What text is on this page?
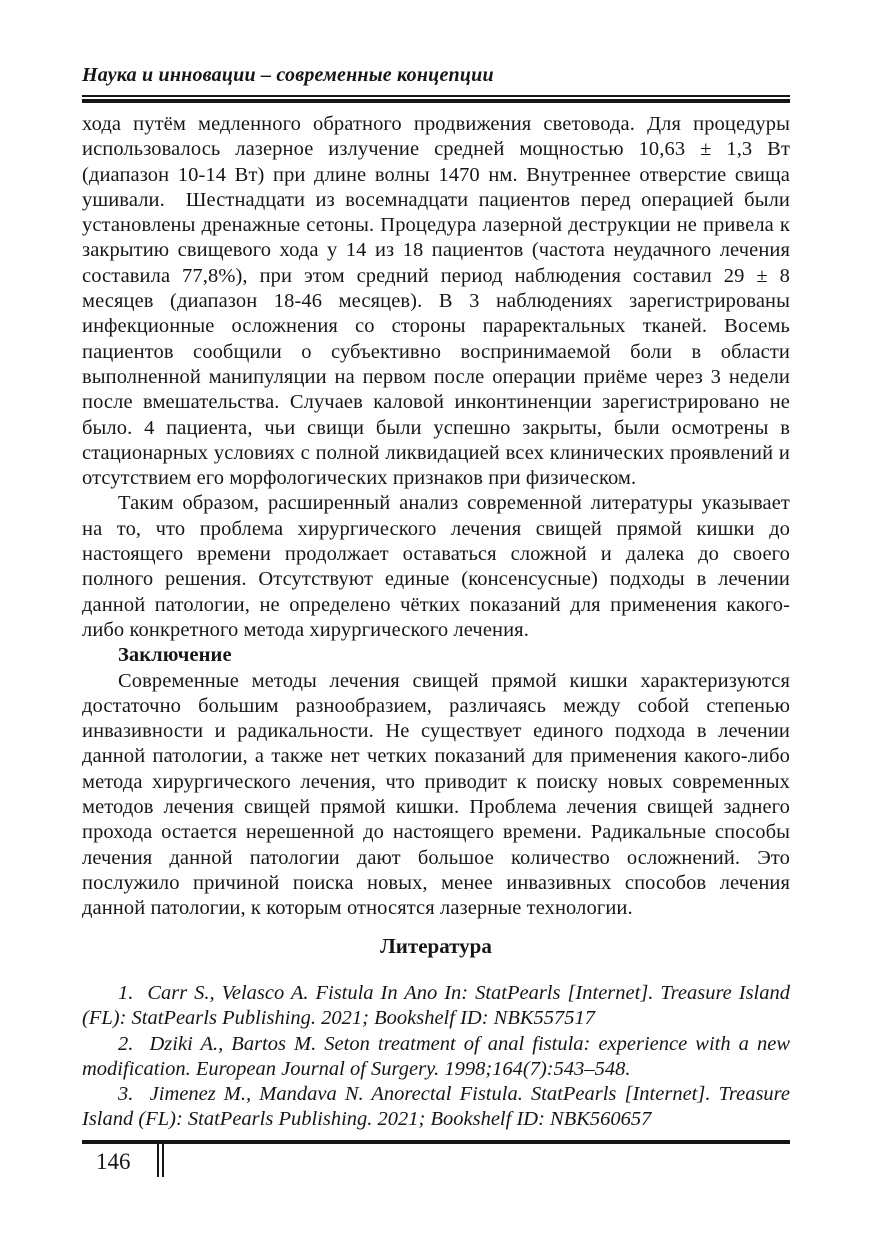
Наука и инновации – современные концепции

хода путём медленного обратного продвижения световода. Для процедуры использовалось лазерное излучение средней мощностью 10,63 ± 1,3 Вт (диапазон 10-14 Вт) при длине волны 1470 нм. Внутреннее отверстие свища ушивали.  Шестнадцати из восемнадцати пациентов перед операцией были установлены дренажные сетоны. Процедура лазерной деструкции не привела к закрытию свищевого хода у 14 из 18 пациентов (частота неудачного лечения составила 77,8%), при этом средний период наблюдения составил 29 ± 8 месяцев (диапазон 18-46 месяцев). В 3 наблюдениях зарегистрированы инфекционные осложнения со стороны параректальных тканей. Восемь пациентов сообщили о субъективно воспринимаемой боли в области выполненной манипуляции на первом после операции приёме через 3 недели после вмешательства. Случаев каловой инконтиненции зарегистрировано не было. 4 пациента, чьи свищи были успешно закрыты, были осмотрены в стационарных условиях с полной ликвидацией всех клинических проявлений и отсутствием его морфологических признаков при физическом.

Таким образом, расширенный анализ современной литературы указывает на то, что проблема хирургического лечения свищей прямой кишки до настоящего времени продолжает оставаться сложной и далека до своего полного решения. Отсутствуют единые (консенсусные) подходы в лечении данной патологии, не определено чётких показаний для применения какого-либо конкретного метода хирургического лечения.

Заключение

Современные методы лечения свищей прямой кишки характеризуются достаточно большим разнообразием, различаясь между собой степенью инвазивности и радикальности. Не существует единого подхода в лечении данной патологии, а также нет четких показаний для применения какого-либо метода хирургического лечения, что приводит к поиску новых современных методов лечения свищей прямой кишки. Проблема лечения свищей заднего прохода остается нерешенной до настоящего времени. Радикальные способы лечения данной патологии дают большое количество осложнений. Это послужило причиной поиска новых, менее инвазивных способов лечения данной патологии, к которым относятся лазерные технологии.

Литература

1.  Carr S., Velasco A. Fistula In Ano In: StatPearls [Internet]. Treasure Island (FL): StatPearls Publishing. 2021; Bookshelf ID: NBK557517

2.  Dziki A., Bartos M. Seton treatment of anal fistula: experience with a new modification. European Journal of Surgery. 1998;164(7):543–548.

3.  Jimenez M., Mandava N. Anorectal Fistula. StatPearls [Internet]. Treasure Island (FL): StatPearls Publishing. 2021; Bookshelf ID: NBK560657

146
